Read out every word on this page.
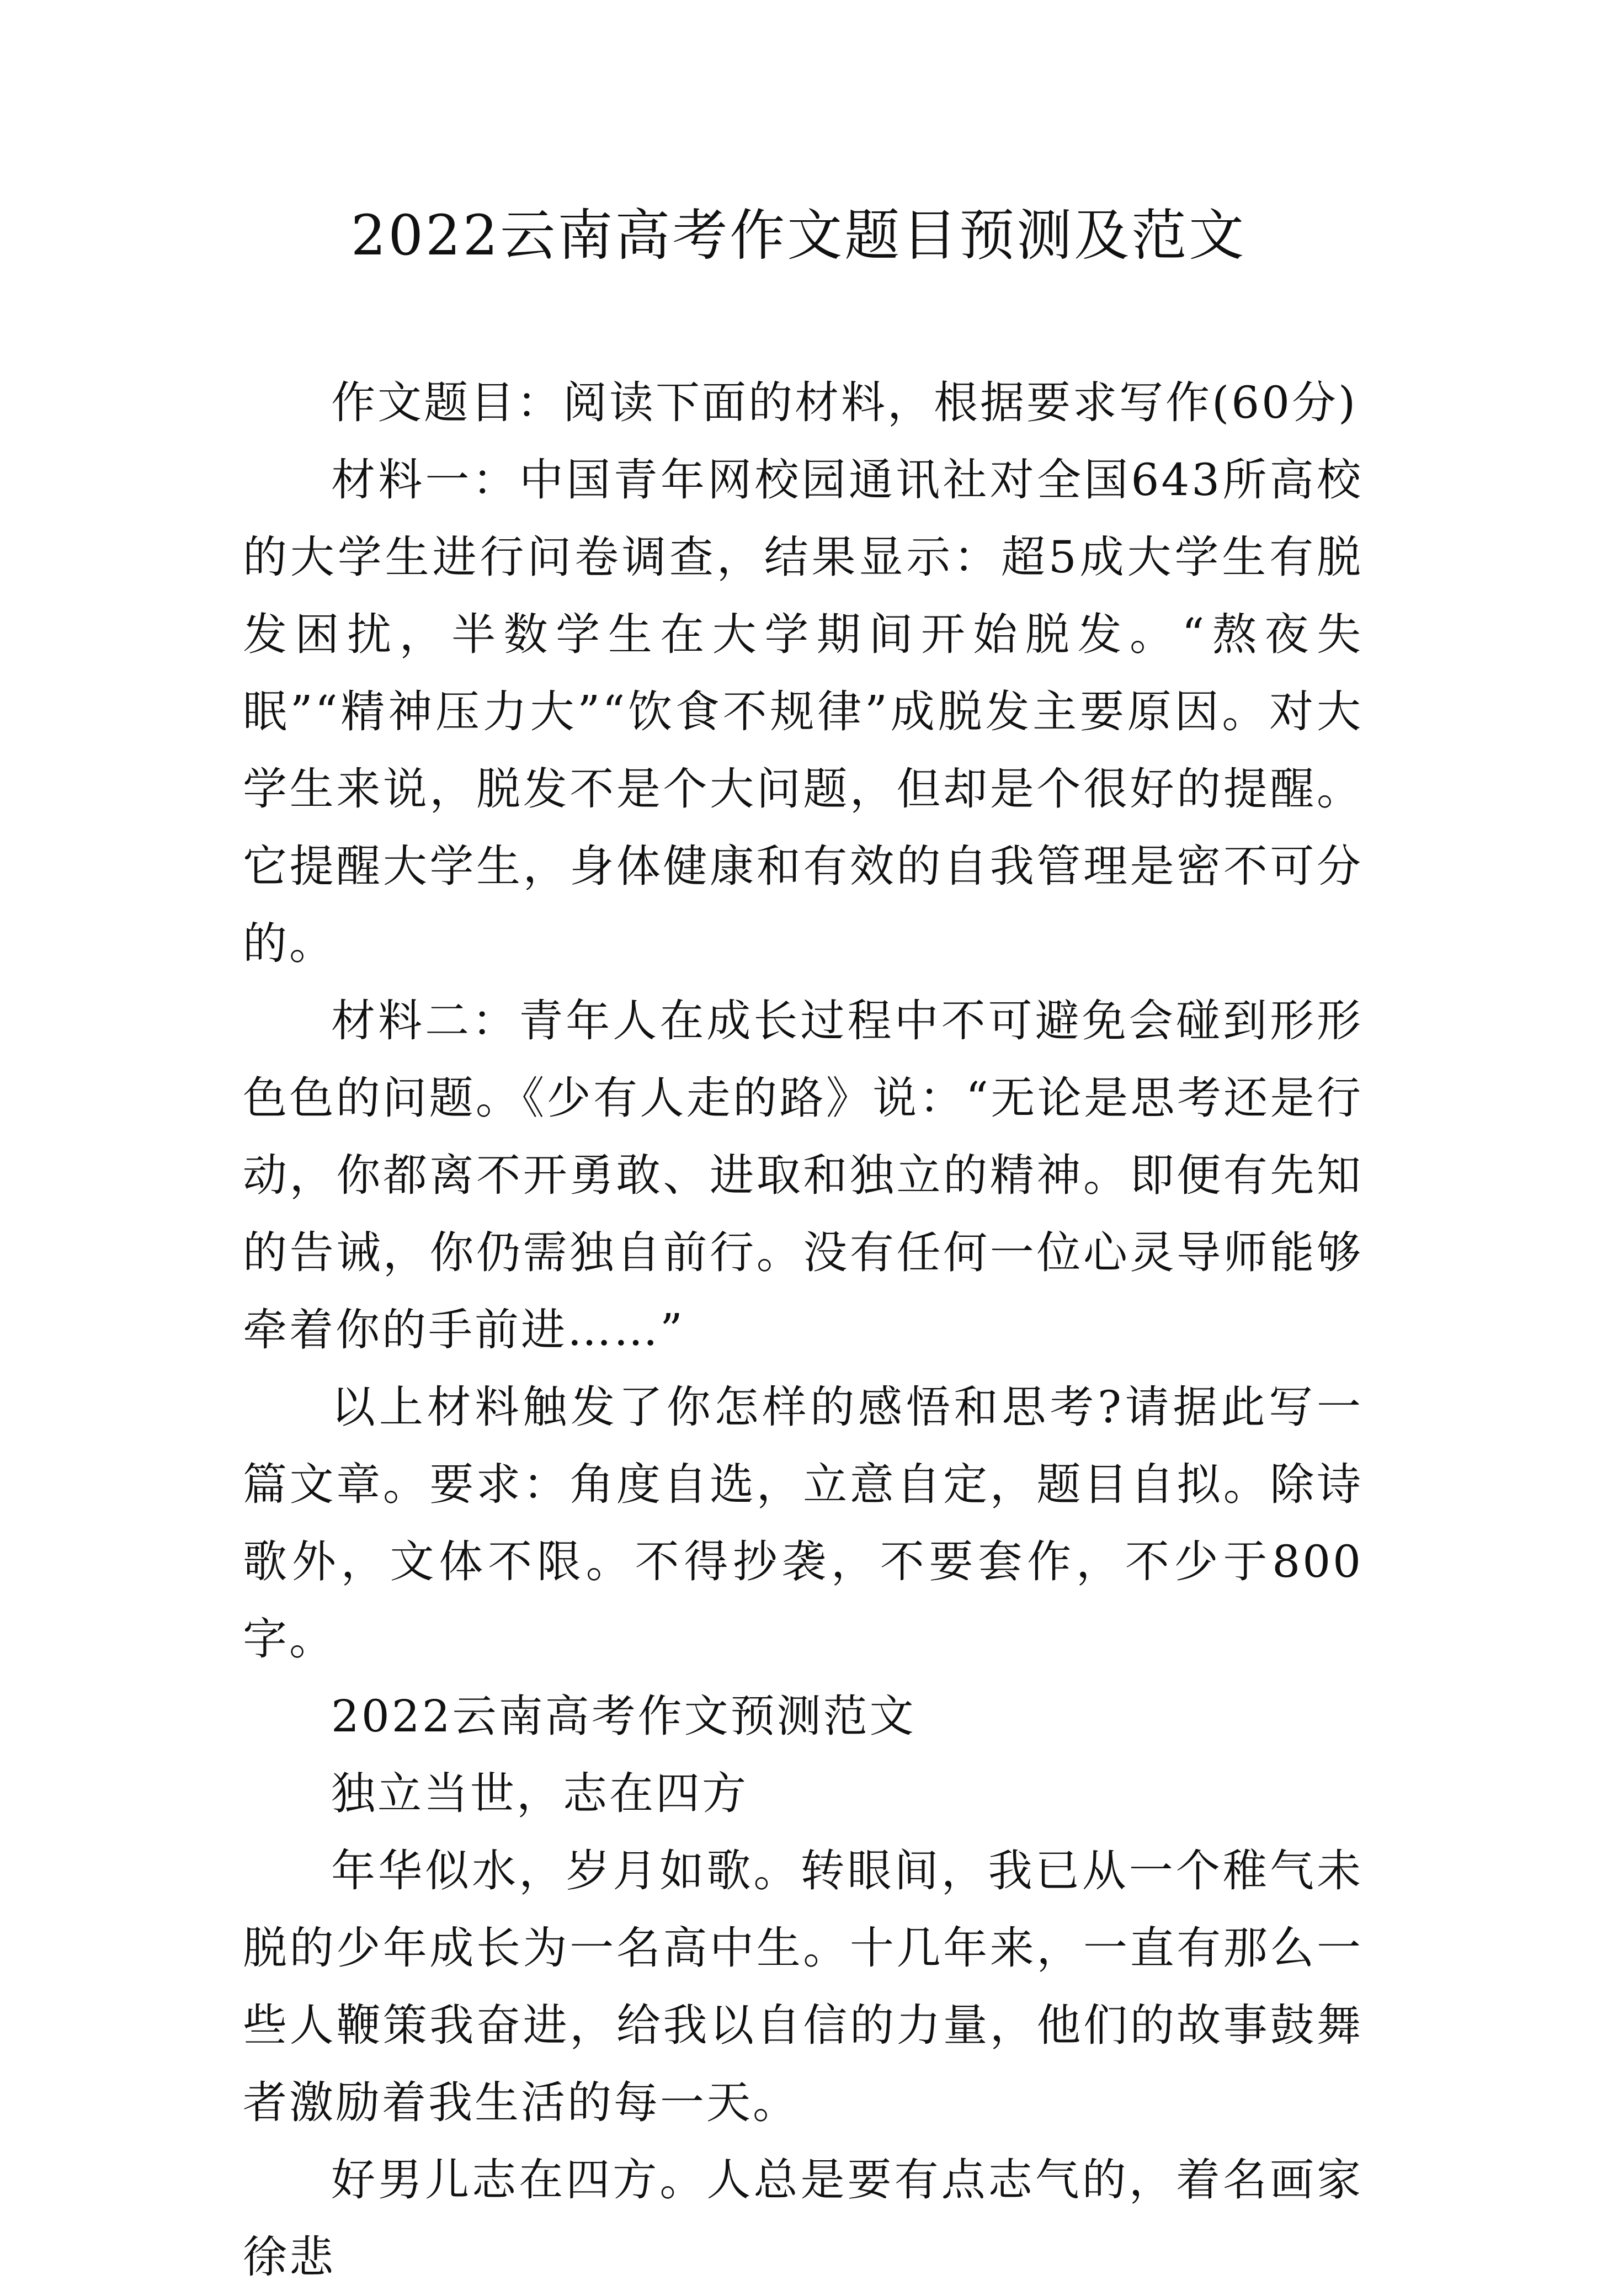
2022云南高考作文题目预测及范文

作文题目：阅读下面的材料，根据要求写作(60分)

材料一：中国青年网校园通讯社对全国643所高校的大学生进行问卷调查，结果显示：超5成大学生有脱发困扰，半数学生在大学期间开始脱发。“熬夜失眠”“精神压力大”“饮食不规律”成脱发主要原因。对大学生来说，脱发不是个大问题，但却是个很好的提醒。它提醒大学生，身体健康和有效的自我管理是密不可分的。

材料二：青年人在成长过程中不可避免会碰到形形色色的问题。《少有人走的路》说：“无论是思考还是行动，你都离不开勇敢、进取和独立的精神。即便有先知的告诫，你仍需独自前行。没有任何一位心灵导师能够牵着你的手前进……”

以上材料触发了你怎样的感悟和思考?请据此写一篇文章。要求：角度自选，立意自定，题目自拟。除诗歌外，文体不限。不得抄袭，不要套作，不少于800字。

2022云南高考作文预测范文

独立当世，志在四方

年华似水，岁月如歌。转眼间，我已从一个稚气未脱的少年成长为一名高中生。十几年来，一直有那么一些人鞭策我奋进，给我以自信的力量，他们的故事鼓舞者激励着我生活的每一天。

好男儿志在四方。人总是要有点志气的，着名画家徐悲
